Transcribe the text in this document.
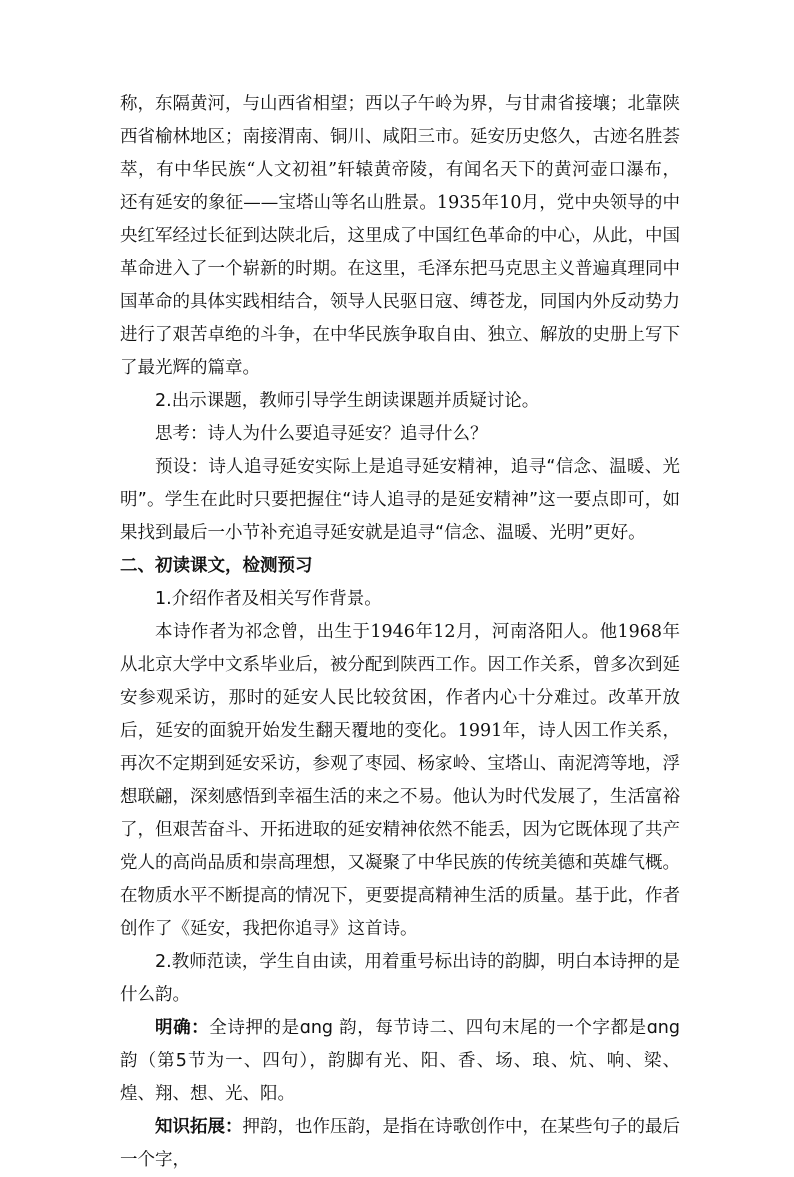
称，东隔黄河，与山西省相望；西以子午岭为界，与甘肃省接壤；北靠陕西省榆林地区；南接渭南、铜川、咸阳三市。延安历史悠久，古迹名胜荟萃，有中华民族“人文初祖”轩辕黄帝陵，有闻名天下的黄河壶口瀑布，还有延安的象征——宝塔山等名山胜景。1935年10月，党中央领导的中央红军经过长征到达陕北后，这里成了中国红色革命的中心，从此，中国革命进入了一个崭新的时期。在这里，毛泽东把马克思主义普遍真理同中国革命的具体实践相结合，领导人民驱日寇、缚苍龙，同国内外反动势力进行了艰苦卓绝的斗争，在中华民族争取自由、独立、解放的史册上写下了最光辉的篇章。

2.出示课题，教师引导学生朗读课题并质疑讨论。

思考：诗人为什么要追寻延安？追寻什么？

预设：诗人追寻延安实际上是追寻延安精神，追寻“信念、温暖、光明”。学生在此时只要把握住“诗人追寻的是延安精神”这一要点即可，如果找到最后一小节补充追寻延安就是追寻“信念、温暖、光明”更好。

二、初读课文，检测预习

1.介绍作者及相关写作背景。

本诗作者为祁念曾，出生于1946年12月，河南洛阳人。他1968年从北京大学中文系毕业后，被分配到陕西工作。因工作关系，曾多次到延安参观采访，那时的延安人民比较贫困，作者内心十分难过。改革开放后，延安的面貌开始发生翻天覆地的变化。1991年，诗人因工作关系，再次不定期到延安采访，参观了枣园、杨家岭、宝塔山、南泥湾等地，浮想联翩，深刻感悟到幸福生活的来之不易。他认为时代发展了，生活富裕了，但艰苦奋斗、开拓进取的延安精神依然不能丢，因为它既体现了共产党人的高尚品质和崇高理想，又凝聚了中华民族的传统美德和英雄气概。在物质水平不断提高的情况下，更要提高精神生活的质量。基于此，作者创作了《延安，我把你追寻》这首诗。

2.教师范读，学生自由读，用着重号标出诗的韵脚，明白本诗押的是什么韵。

明确：全诗押的是ɑng 韵，每节诗二、四句末尾的一个字都是ɑng 韵（第5节为一、四句），韵脚有光、阳、香、场、琅、炕、响、梁、煌、翔、想、光、阳。

知识拓展：押韵，也作压韵，是指在诗歌创作中，在某些句子的最后一个字，
